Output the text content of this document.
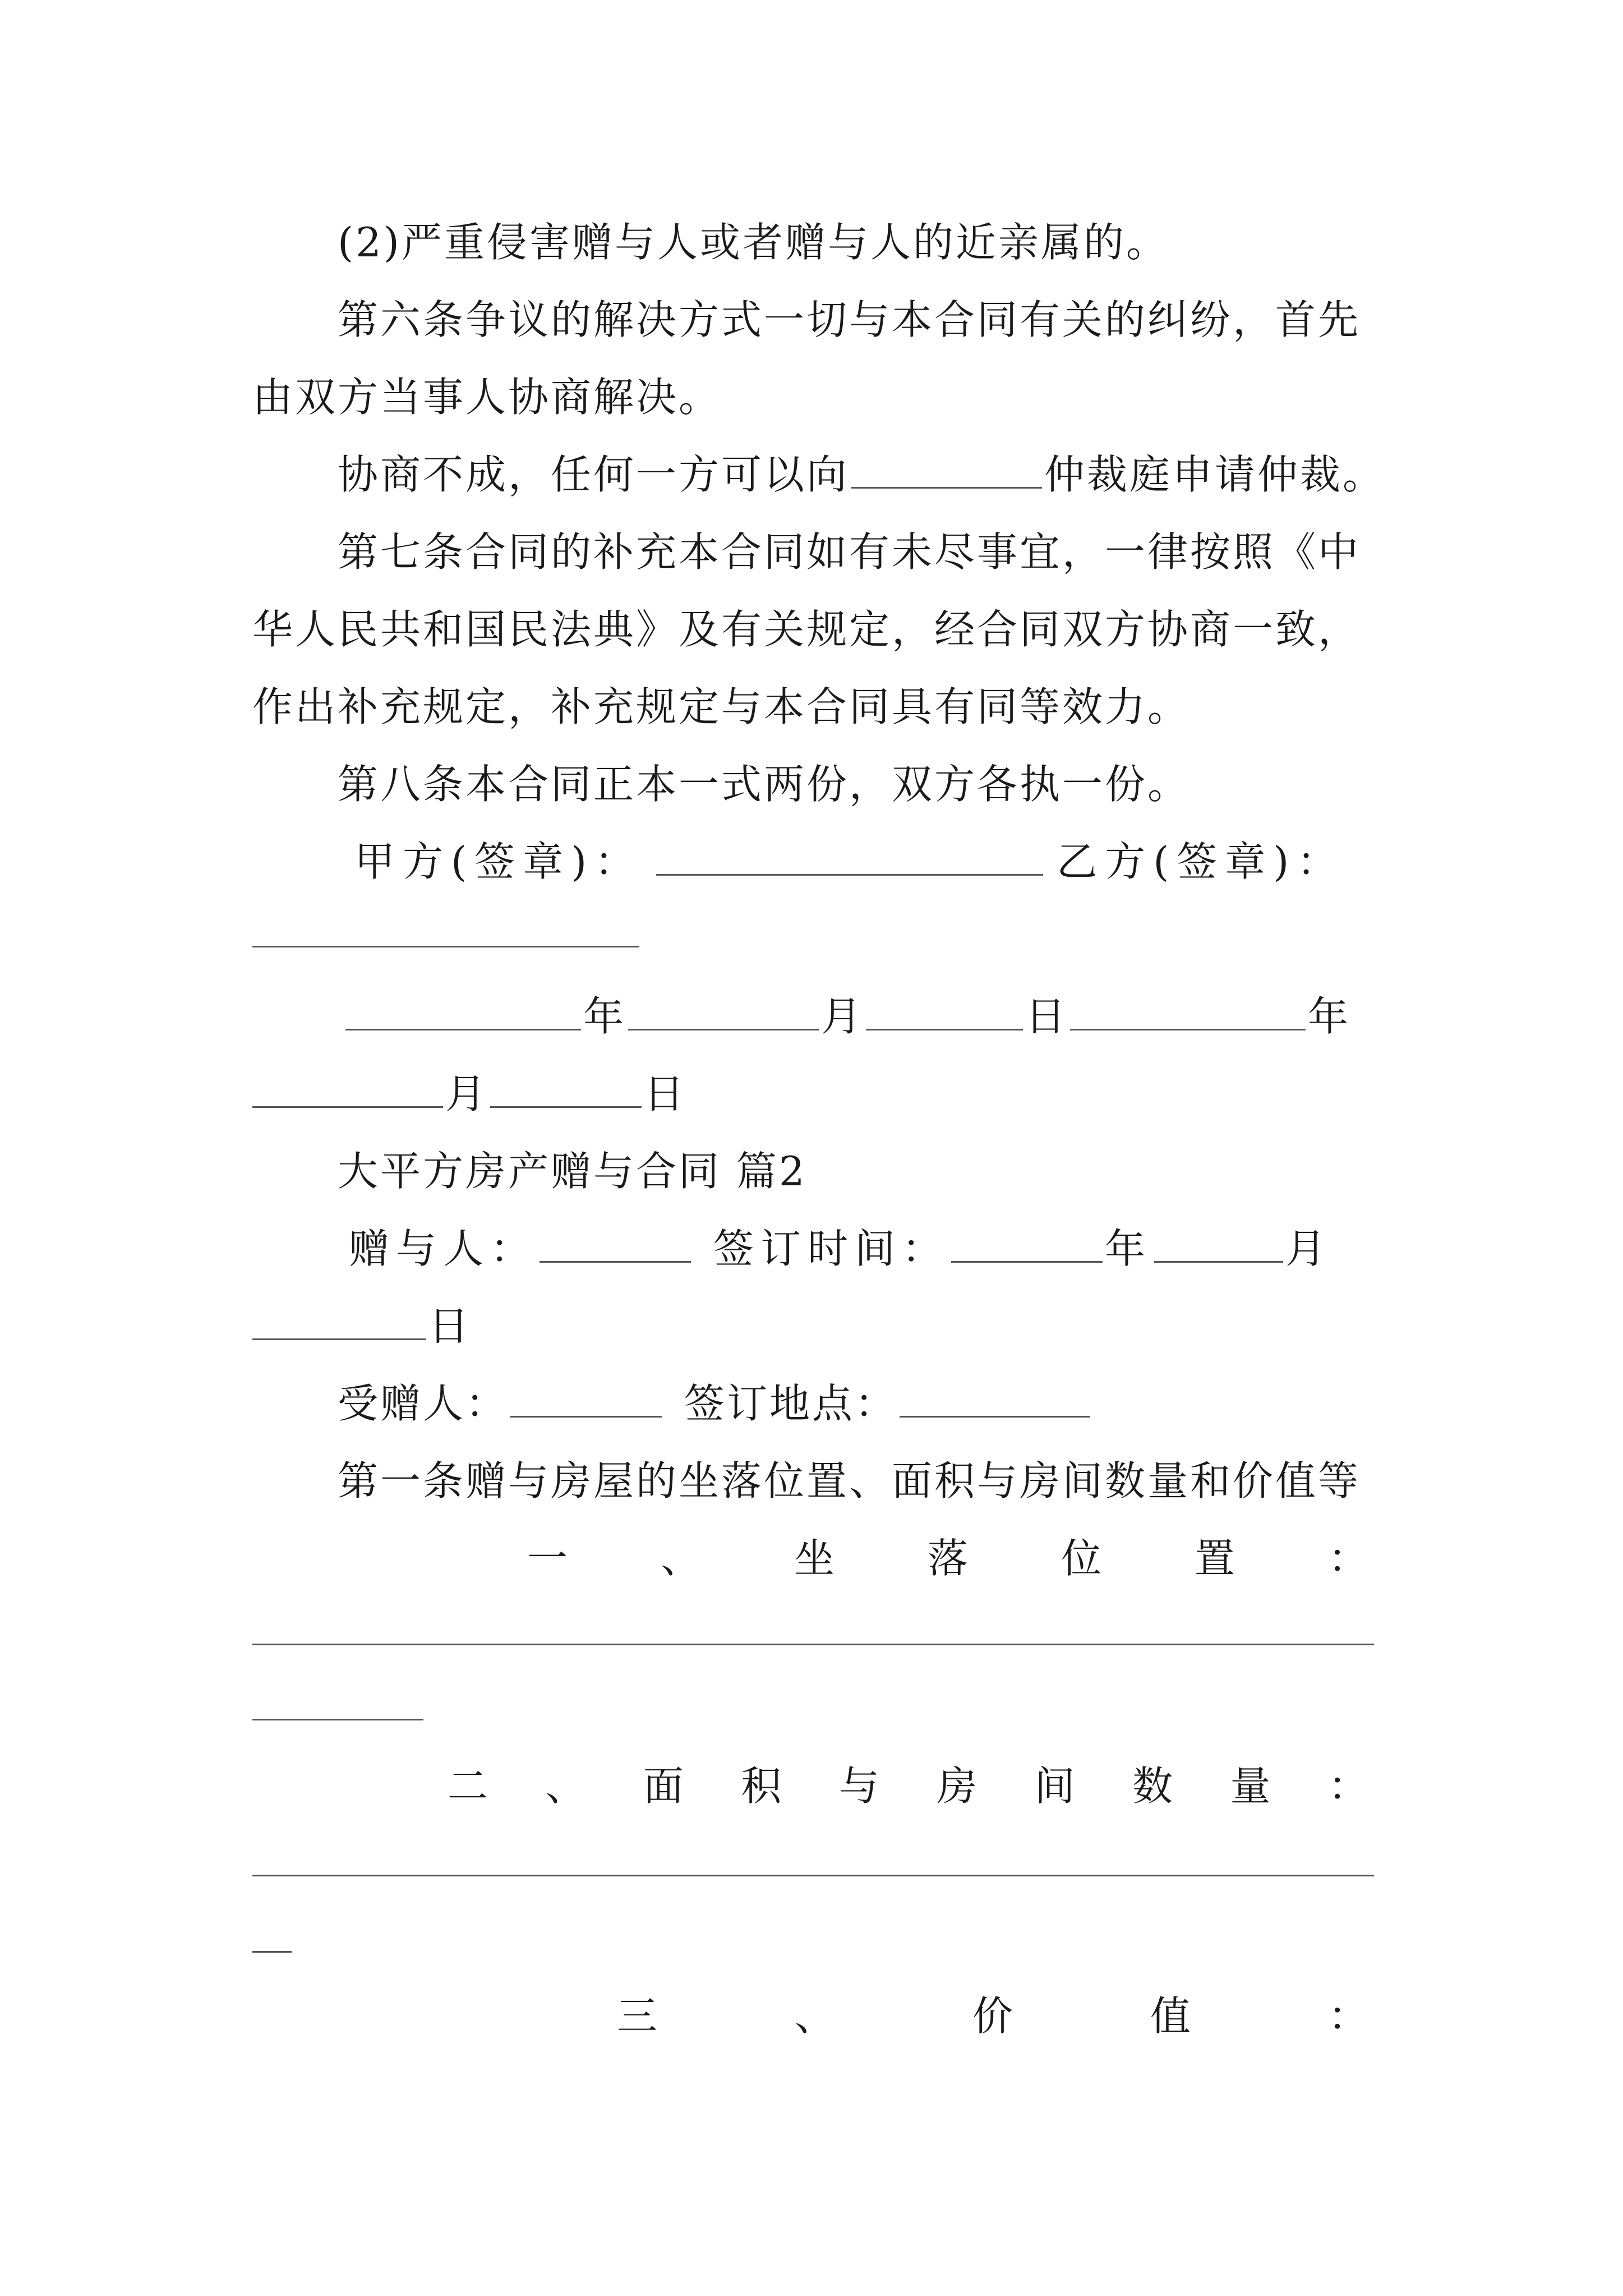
(2)严重侵害赠与人或者赠与人的近亲属的。
第六条争议的解决方式一切与本合同有关的纠纷，首先
由双方当事人协商解决。
协商不成，任何一方可以向	仲裁庭申请仲裁。
第七条合同的补充本合同如有未尽事宜，一律按照《中
华人民共和国民法典》及有关规定，经合同双方协商一致，
作出补充规定，补充规定与本合同具有同等效力。
第八条本合同正本一式两份，双方各执一份。
甲方(签章)：	乙方(签章)：
年	月	日	年
月	日
大平方房产赠与合同 篇2
赠与人：	签订时间：	年	月
日
受赠人：	签订地点：
第一条赠与房屋的坐落位置、面积与房间数量和价值等
一 、 坐 落 位 置 ：
二 、 面 积 与 房 间 数 量 ：
三	、	价	值	：
